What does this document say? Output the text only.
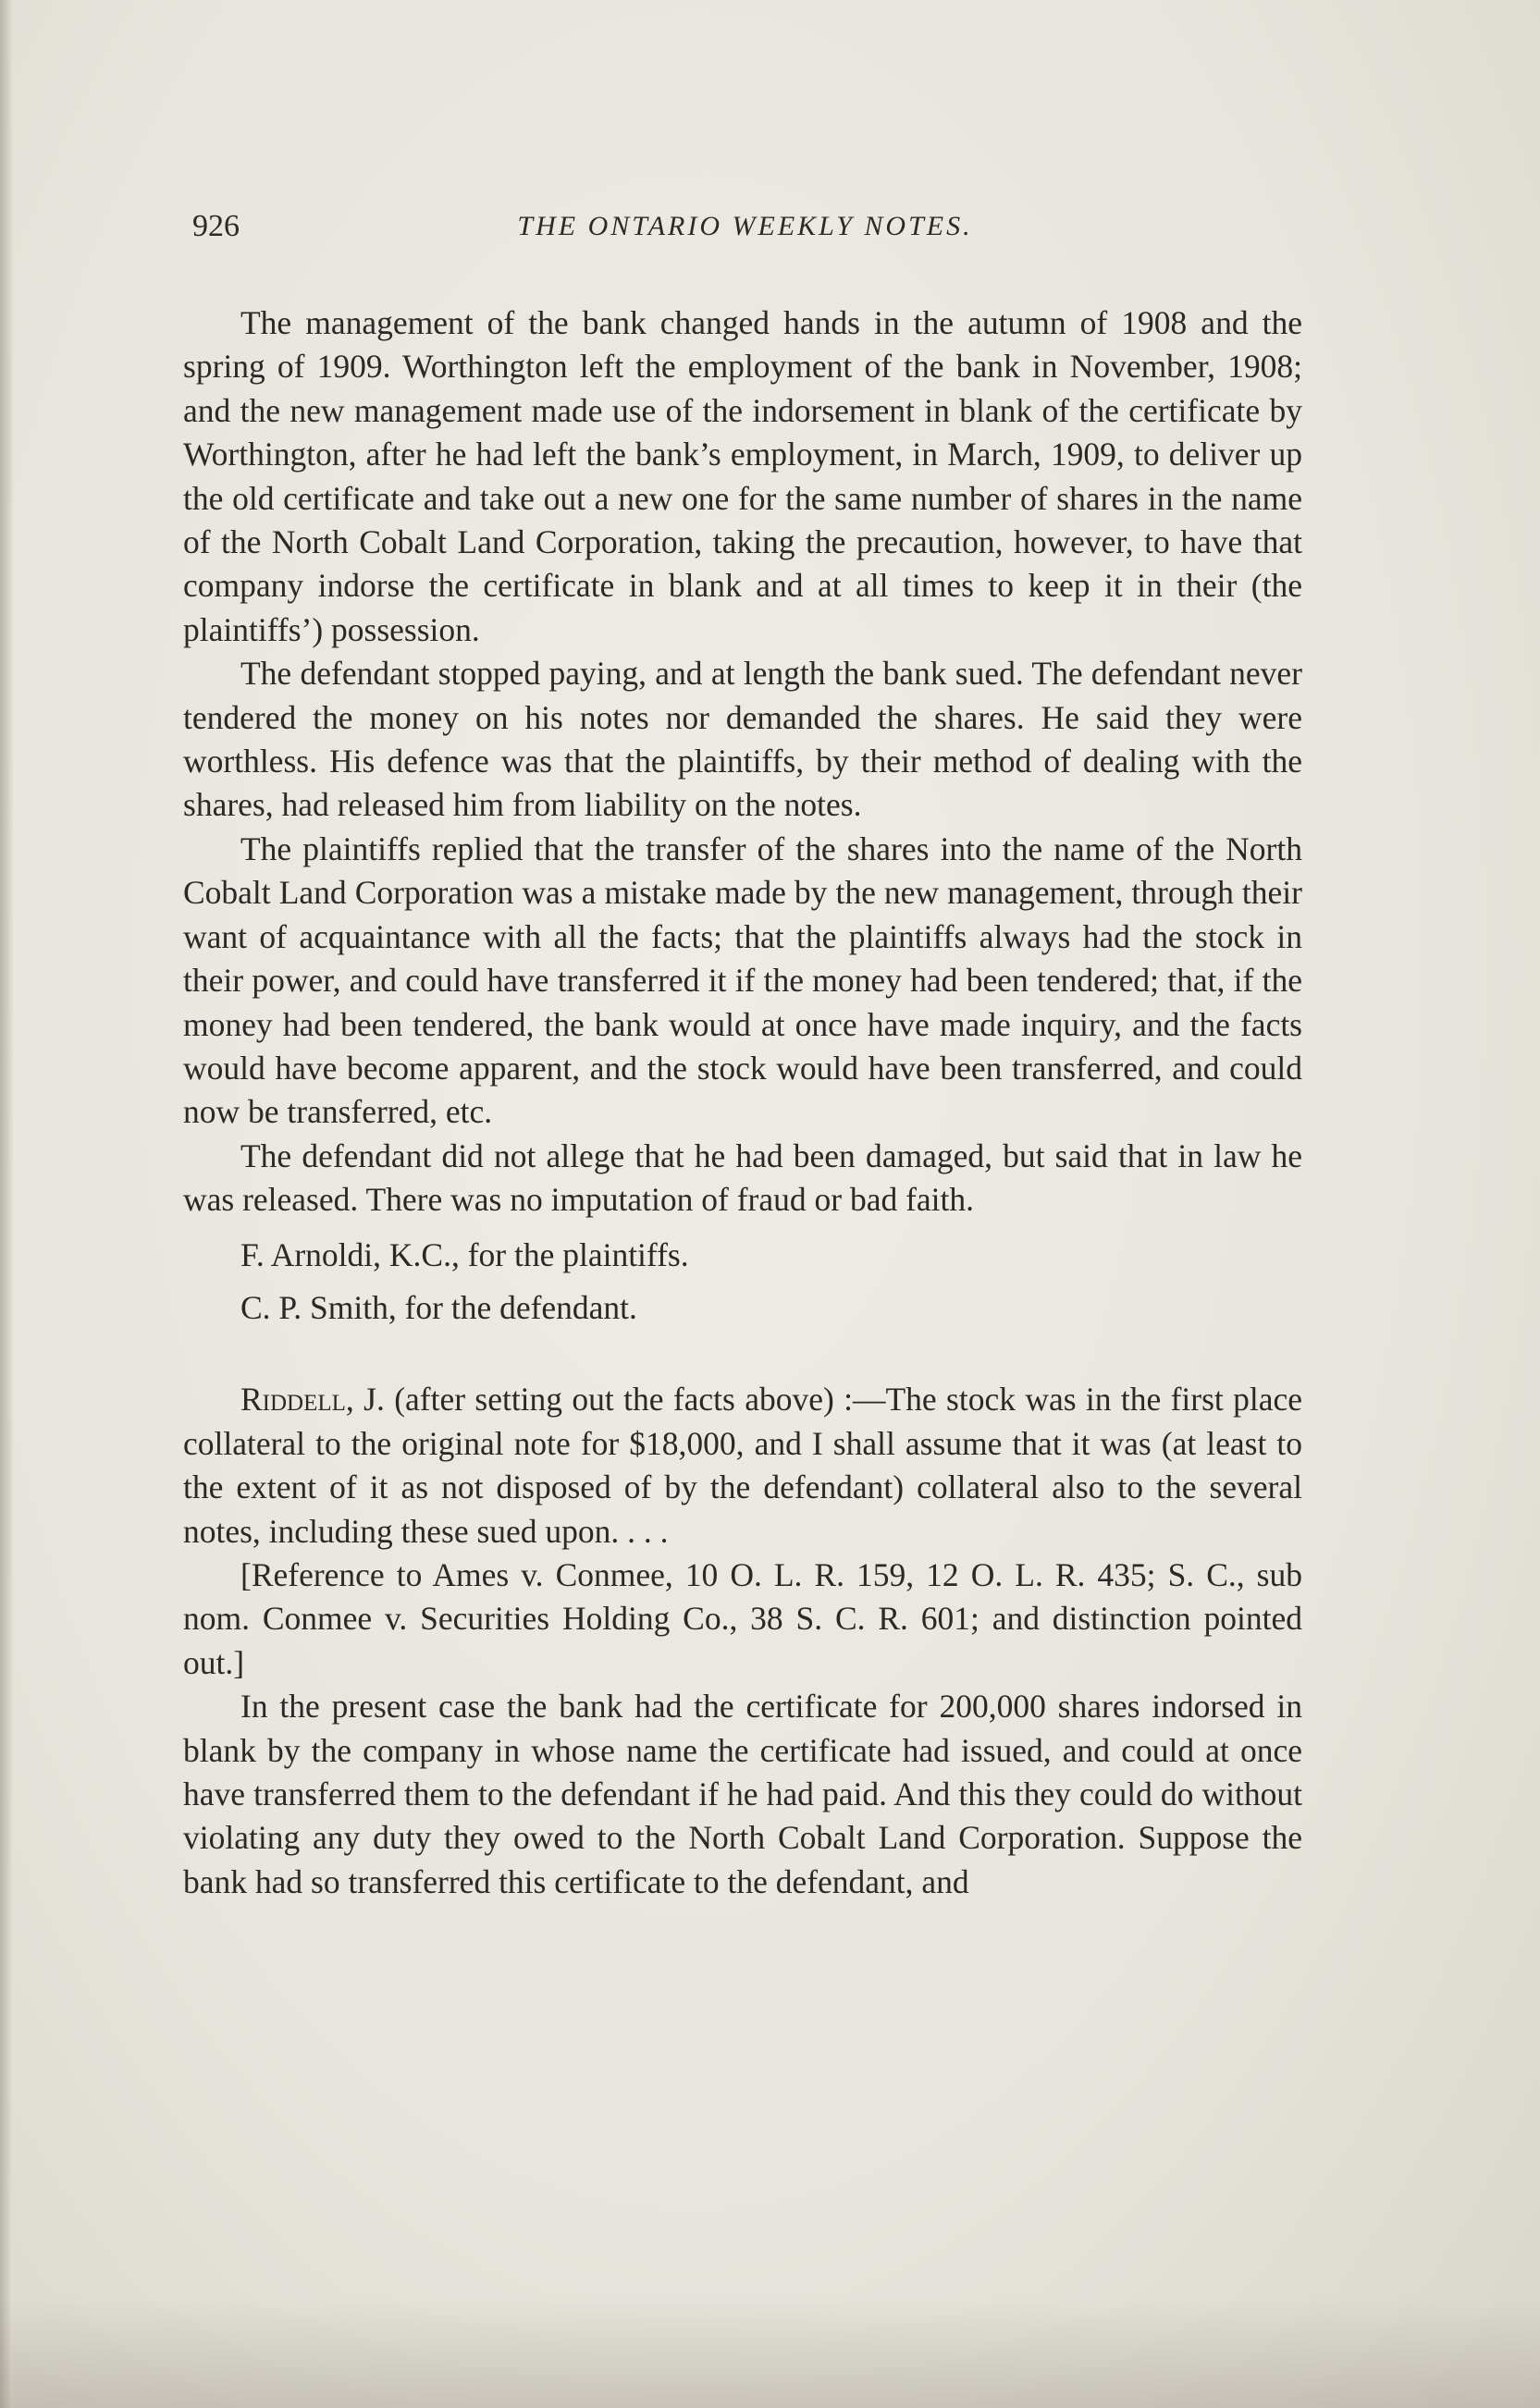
926	THE ONTARIO WEEKLY NOTES.

The management of the bank changed hands in the autumn of 1908 and the spring of 1909. Worthington left the employment of the bank in November, 1908; and the new management made use of the indorsement in blank of the certificate by Worthington, after he had left the bank’s employment, in March, 1909, to deliver up the old certificate and take out a new one for the same number of shares in the name of the North Cobalt Land Corporation, taking the precaution, however, to have that company indorse the certificate in blank and at all times to keep it in their (the plaintiffs’) possession.

The defendant stopped paying, and at length the bank sued. The defendant never tendered the money on his notes nor demanded the shares. He said they were worthless. His defence was that the plaintiffs, by their method of dealing with the shares, had released him from liability on the notes.

The plaintiffs replied that the transfer of the shares into the name of the North Cobalt Land Corporation was a mistake made by the new management, through their want of acquaintance with all the facts; that the plaintiffs always had the stock in their power, and could have transferred it if the money had been tendered; that, if the money had been tendered, the bank would at once have made inquiry, and the facts would have become apparent, and the stock would have been transferred, and could now be transferred, etc.

The defendant did not allege that he had been damaged, but said that in law he was released. There was no imputation of fraud or bad faith.

F. Arnoldi, K.C., for the plaintiffs.

C. P. Smith, for the defendant.

Riddell, J. (after setting out the facts above) :—The stock was in the first place collateral to the original note for $18,000, and I shall assume that it was (at least to the extent of it as not disposed of by the defendant) collateral also to the several notes, including these sued upon. . . .

[Reference to Ames v. Conmee, 10 O. L. R. 159, 12 O. L. R. 435; S. C., sub nom. Conmee v. Securities Holding Co., 38 S. C. R. 601; and distinction pointed out.]

In the present case the bank had the certificate for 200,000 shares indorsed in blank by the company in whose name the certificate had issued, and could at once have transferred them to the defendant if he had paid. And this they could do without violating any duty they owed to the North Cobalt Land Corporation. Suppose the bank had so transferred this certificate to the defendant, and
